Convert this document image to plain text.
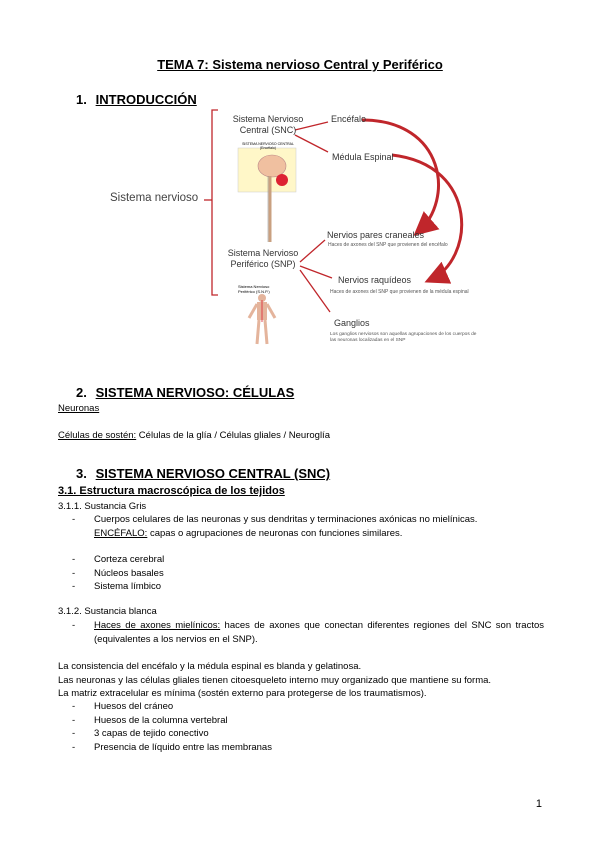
TEMA 7: Sistema nervioso Central y Periférico
1. INTRODUCCIÓN
Sistema nervioso
Sistema Nervioso
Central (SNC)
SISTEMA NERVIOSO CENTRAL (Encéfalo)
Sistema Nervioso
Periférico (SNP)
Sistema Nervioso
Periférico (S.N.P.)
Encéfalo
Médula Espinal
Nervios pares craneales
Haces de axones del SNP que provienen del encéfalo
Nervios raquídeos
Haces de axones del SNP que provienen de la médula espinal
Ganglios
Los ganglios nerviosos son aquellas agrupaciones de los cuerpos de
las neuronas localizadas en el SNP
2. SISTEMA NERVIOSO: CÉLULAS
Neuronas
Células de sostén: Células de la glía / Células gliales / Neuroglía
3. SISTEMA NERVIOSO CENTRAL (SNC)
3.1. Estructura macroscópica de los tejidos
3.1.1. Sustancia Gris
- Cuerpos celulares de las neuronas y sus dendritas y terminaciones axónicas no mielínicas.
ENCÉFALO: capas o agrupaciones de neuronas con funciones similares.
- Corteza cerebral
- Núcleos basales
- Sistema límbico
3.1.2. Sustancia blanca
- Haces de axones mielínicos: haces de axones que conectan diferentes regiones del SNC son tractos (equivalentes a los nervios en el SNP).
La consistencia del encéfalo y la médula espinal es blanda y gelatinosa.
Las neuronas y las células gliales tienen citoesqueleto interno muy organizado que mantiene su forma.
La matriz extracelular es mínima (sostén externo para protegerse de los traumatismos).
- Huesos del cráneo
- Huesos de la columna vertebral
- 3 capas de tejido conectivo
- Presencia de líquido entre las membranas
1
